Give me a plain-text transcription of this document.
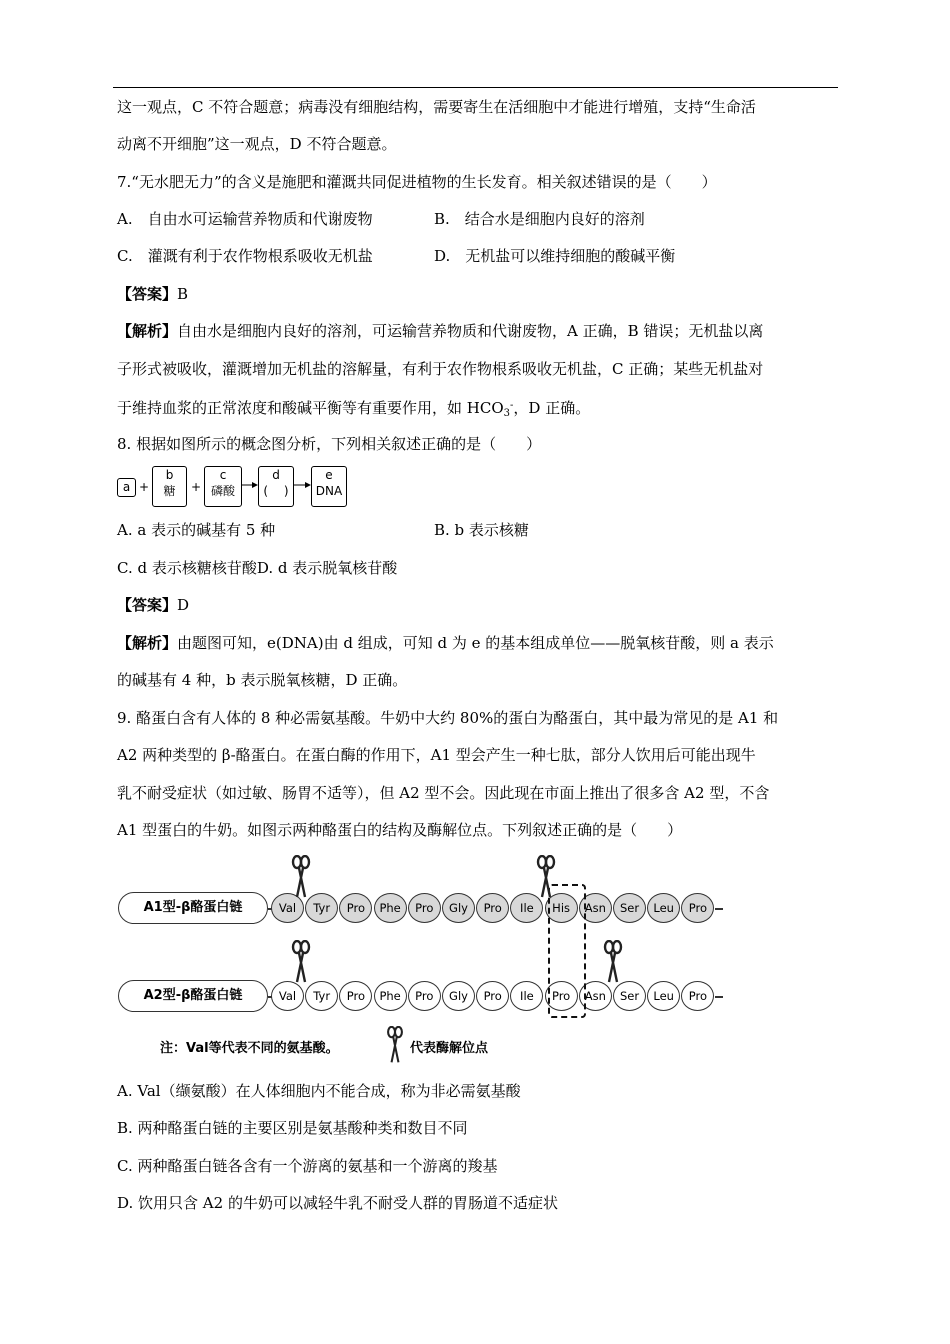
这一观点，C 不符合题意；病毒没有细胞结构，需要寄生在活细胞中才能进行增殖，支持“生命活
动离不开细胞”这一观点，D 不符合题意。
7.“无水肥无力”的含义是施肥和灌溉共同促进植物的生长发育。相关叙述错误的是（　　）
A.　自由水可运输营养物质和代谢废物	B.　结合水是细胞内良好的溶剂
C.　灌溉有利于农作物根系吸收无机盐	D.　无机盐可以维持细胞的酸碱平衡
【答案】B
【解析】自由水是细胞内良好的溶剂，可运输营养物质和代谢废物，A 正确，B 错误；无机盐以离
子形式被吸收，灌溉增加无机盐的溶解量，有利于农作物根系吸收无机盐，C 正确；某些无机盐对
于维持血浆的正常浓度和酸碱平衡等有重要作用，如 $HCO_3^-$，D 正确。
8. 根据如图所示的概念图分析，下列相关叙述正确的是（　　）
a +
b
糖	+
c
磷酸
d
(　 )
e
DNA
A. a 表示的碱基有 5 种	B. b 表示核糖
C. d 表示核糖核苷酸D. d 表示脱氧核苷酸
【答案】D
【解析】由题图可知，e(DNA)由 d 组成，可知 d 为 e 的基本组成单位——脱氧核苷酸，则 a 表示
的碱基有 4 种，b 表示脱氧核糖，D 正确。
9. 酪蛋白含有人体的 8 种必需氨基酸。牛奶中大约 80%的蛋白为酪蛋白，其中最为常见的是 A1 和
A2 两种类型的 β-酪蛋白。在蛋白酶的作用下，A1 型会产生一种七肽，部分人饮用后可能出现牛
乳不耐受症状（如过敏、肠胃不适等），但 A2 型不会。因此现在市面上推出了很多含 A2 型，不含
A1 型蛋白的牛奶。如图示两种酪蛋白的结构及酶解位点。下列叙述正确的是（　　）
A1型-β酪蛋白链
A2型-β酪蛋白链
Val	Tyr	Pro	Phe	Pro	Gly	Pro	Ile	His	Asn	Ser	Leu	Pro
Val	Tyr	Pro	Phe	Pro	Gly	Pro	Ile	Pro	Asn	Ser	Leu	Pro
注：Val等代表不同的氨基酸。	代表酶解位点
A. Val（缬氨酸）在人体细胞内不能合成，称为非必需氨基酸
B. 两种酪蛋白链的主要区别是氨基酸种类和数目不同
C. 两种酪蛋白链各含有一个游离的氨基和一个游离的羧基
D. 饮用只含 A2 的牛奶可以减轻牛乳不耐受人群的胃肠道不适症状
